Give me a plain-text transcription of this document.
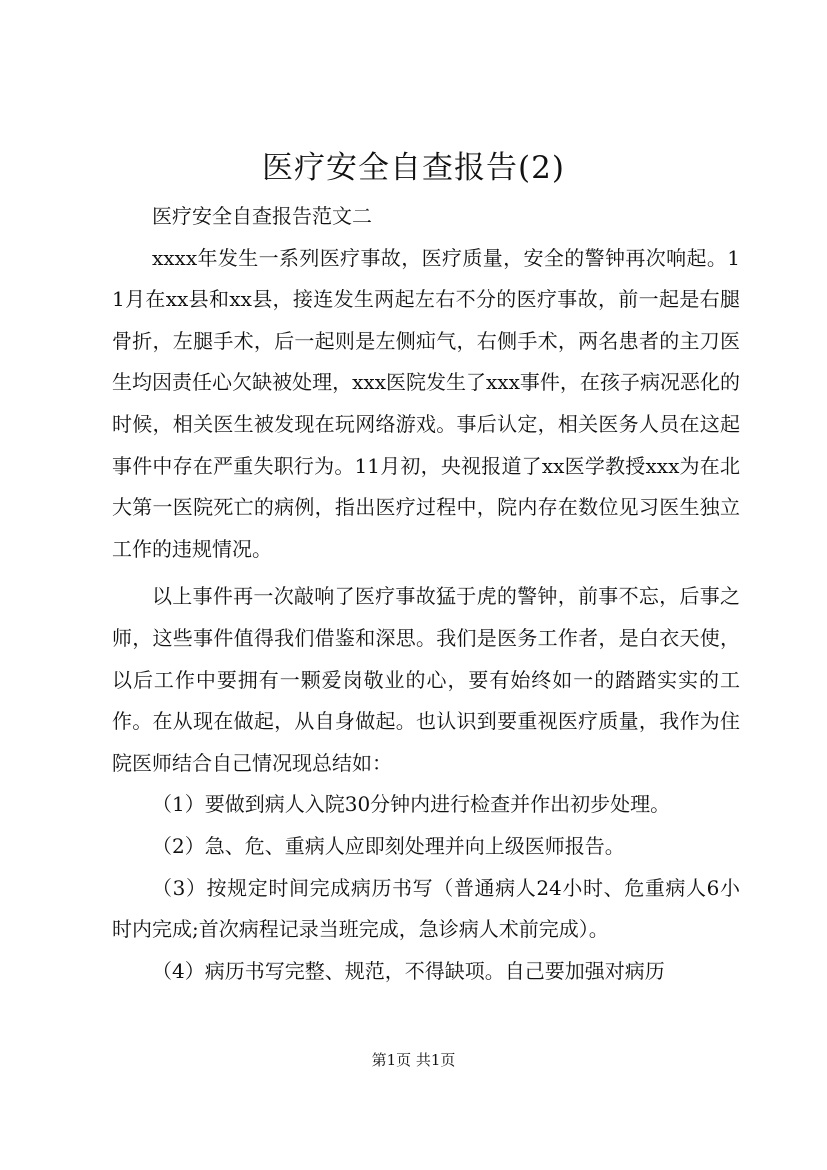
医疗安全自查报告(2)

医疗安全自查报告范文二

xxxx年发生一系列医疗事故，医疗质量，安全的警钟再次响起。11月在xx县和xx县，接连发生两起左右不分的医疗事故，前一起是右腿骨折，左腿手术，后一起则是左侧疝气，右侧手术，两名患者的主刀医生均因责任心欠缺被处理，xxx医院发生了xxx事件，在孩子病况恶化的时候，相关医生被发现在玩网络游戏。事后认定，相关医务人员在这起事件中存在严重失职行为。11月初，央视报道了xx医学教授xxx为在北大第一医院死亡的病例，指出医疗过程中，院内存在数位见习医生独立工作的违规情况。

以上事件再一次敲响了医疗事故猛于虎的警钟，前事不忘，后事之师，这些事件值得我们借鉴和深思。我们是医务工作者，是白衣天使，以后工作中要拥有一颗爱岗敬业的心，要有始终如一的踏踏实实的工作。在从现在做起，从自身做起。也认识到要重视医疗质量，我作为住院医师结合自己情况现总结如：

（1）要做到病人入院30分钟内进行检查并作出初步处理。

（2）急、危、重病人应即刻处理并向上级医师报告。

（3）按规定时间完成病历书写（普通病人24小时、危重病人6小时内完成;首次病程记录当班完成，急诊病人术前完成）。

（4）病历书写完整、规范，不得缺项。自己要加强对病历

第1页 共1页
